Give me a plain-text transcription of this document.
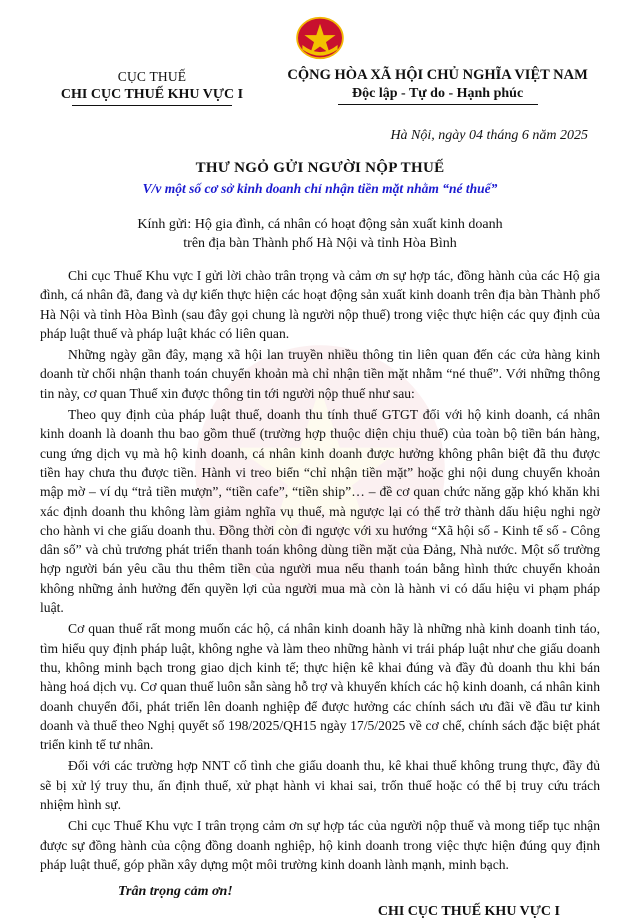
CỤC THUẾ
CHI CỤC THUẾ KHU VỰC I
CỘNG HÒA XÃ HỘI CHỦ NGHĨA VIỆT NAM
Độc lập - Tự do - Hạnh phúc
Hà Nội, ngày 04 tháng 6 năm 2025
THƯ NGỎ GỬI NGƯỜI NỘP THUẾ
V/v một số cơ sở kinh doanh chỉ nhận tiền mặt nhằm “né thuế”
Kính gửi: Hộ gia đình, cá nhân có hoạt động sản xuất kinh doanh
trên địa bàn Thành phố Hà Nội và tỉnh Hòa Bình

Chi cục Thuế Khu vực I gửi lời chào trân trọng và cảm ơn sự hợp tác, đồng hành của các Hộ gia đình, cá nhân đã, đang và dự kiến thực hiện các hoạt động sản xuất kinh doanh trên địa bàn Thành phố Hà Nội và tỉnh Hòa Bình (sau đây gọi chung là người nộp thuế) trong việc thực hiện các quy định của pháp luật thuế và pháp luật khác có liên quan.

Những ngày gần đây, mạng xã hội lan truyền nhiều thông tin liên quan đến các cửa hàng kinh doanh từ chối nhận thanh toán chuyển khoản mà chỉ nhận tiền mặt nhằm “né thuế”. Với những thông tin này, cơ quan Thuế xin được thông tin tới người nộp thuế như sau:

Theo quy định của pháp luật thuế, doanh thu tính thuế GTGT đối với hộ kinh doanh, cá nhân kinh doanh là doanh thu bao gồm thuế (trường hợp thuộc diện chịu thuế) của toàn bộ tiền bán hàng, cung ứng dịch vụ mà hộ kinh doanh, cá nhân kinh doanh được hưởng không phân biệt đã thu được tiền hay chưa thu được tiền. Hành vi treo biển “chỉ nhận tiền mặt” hoặc ghi nội dung chuyển khoản mập mờ – ví dụ “trả tiền mượn”, “tiền cafe”, “tiền ship”… – đề cơ quan chức năng gặp khó khăn khi xác định doanh thu không làm giảm nghĩa vụ thuế, mà ngược lại có thể trở thành dấu hiệu nghi ngờ cho hành vi che giấu doanh thu. Đồng thời còn đi ngược với xu hướng “Xã hội số - Kinh tế số - Công dân số” và chủ trương phát triển thanh toán không dùng tiền mặt của Đảng, Nhà nước. Một số trường hợp người bán yêu cầu thu thêm tiền của người mua nếu thanh toán bằng hình thức chuyển khoản không những ảnh hưởng đến quyền lợi của người mua mà còn là hành vi có dấu hiệu vi phạm pháp luật.

Cơ quan thuế rất mong muốn các hộ, cá nhân kinh doanh hãy là những nhà kinh doanh tinh táo, tìm hiểu quy định pháp luật, không nghe và làm theo những hành vi trái pháp luật như che giấu doanh thu, không minh bạch trong giao dịch kinh tế; thực hiện kê khai đúng và đầy đủ doanh thu khi bán hàng hoá dịch vụ. Cơ quan thuế luôn sẵn sàng hỗ trợ và khuyến khích các hộ kinh doanh, cá nhân kinh doanh chuyển đổi, phát triển lên doanh nghiệp để được hưởng các chính sách ưu đãi về đầu tư kinh doanh và thuế theo Nghị quyết số 198/2025/QH15 ngày 17/5/2025 về cơ chế, chính sách đặc biệt phát triển kinh tế tư nhân.

Đối với các trường hợp NNT cố tình che giấu doanh thu, kê khai thuế không trung thực, đầy đủ sẽ bị xử lý truy thu, ấn định thuế, xử phạt hành vi khai sai, trốn thuế hoặc có thể bị truy cứu trách nhiệm hình sự.

Chi cục Thuế Khu vực I trân trọng cảm ơn sự hợp tác của người nộp thuế và mong tiếp tục nhận được sự đồng hành của cộng đồng doanh nghiệp, hộ kinh doanh trong việc thực hiện đúng quy định pháp luật thuế, góp phần xây dựng một môi trường kinh doanh lành mạnh, minh bạch.

Trân trọng cảm ơn!
CHI CỤC THUẾ KHU VỰC I
